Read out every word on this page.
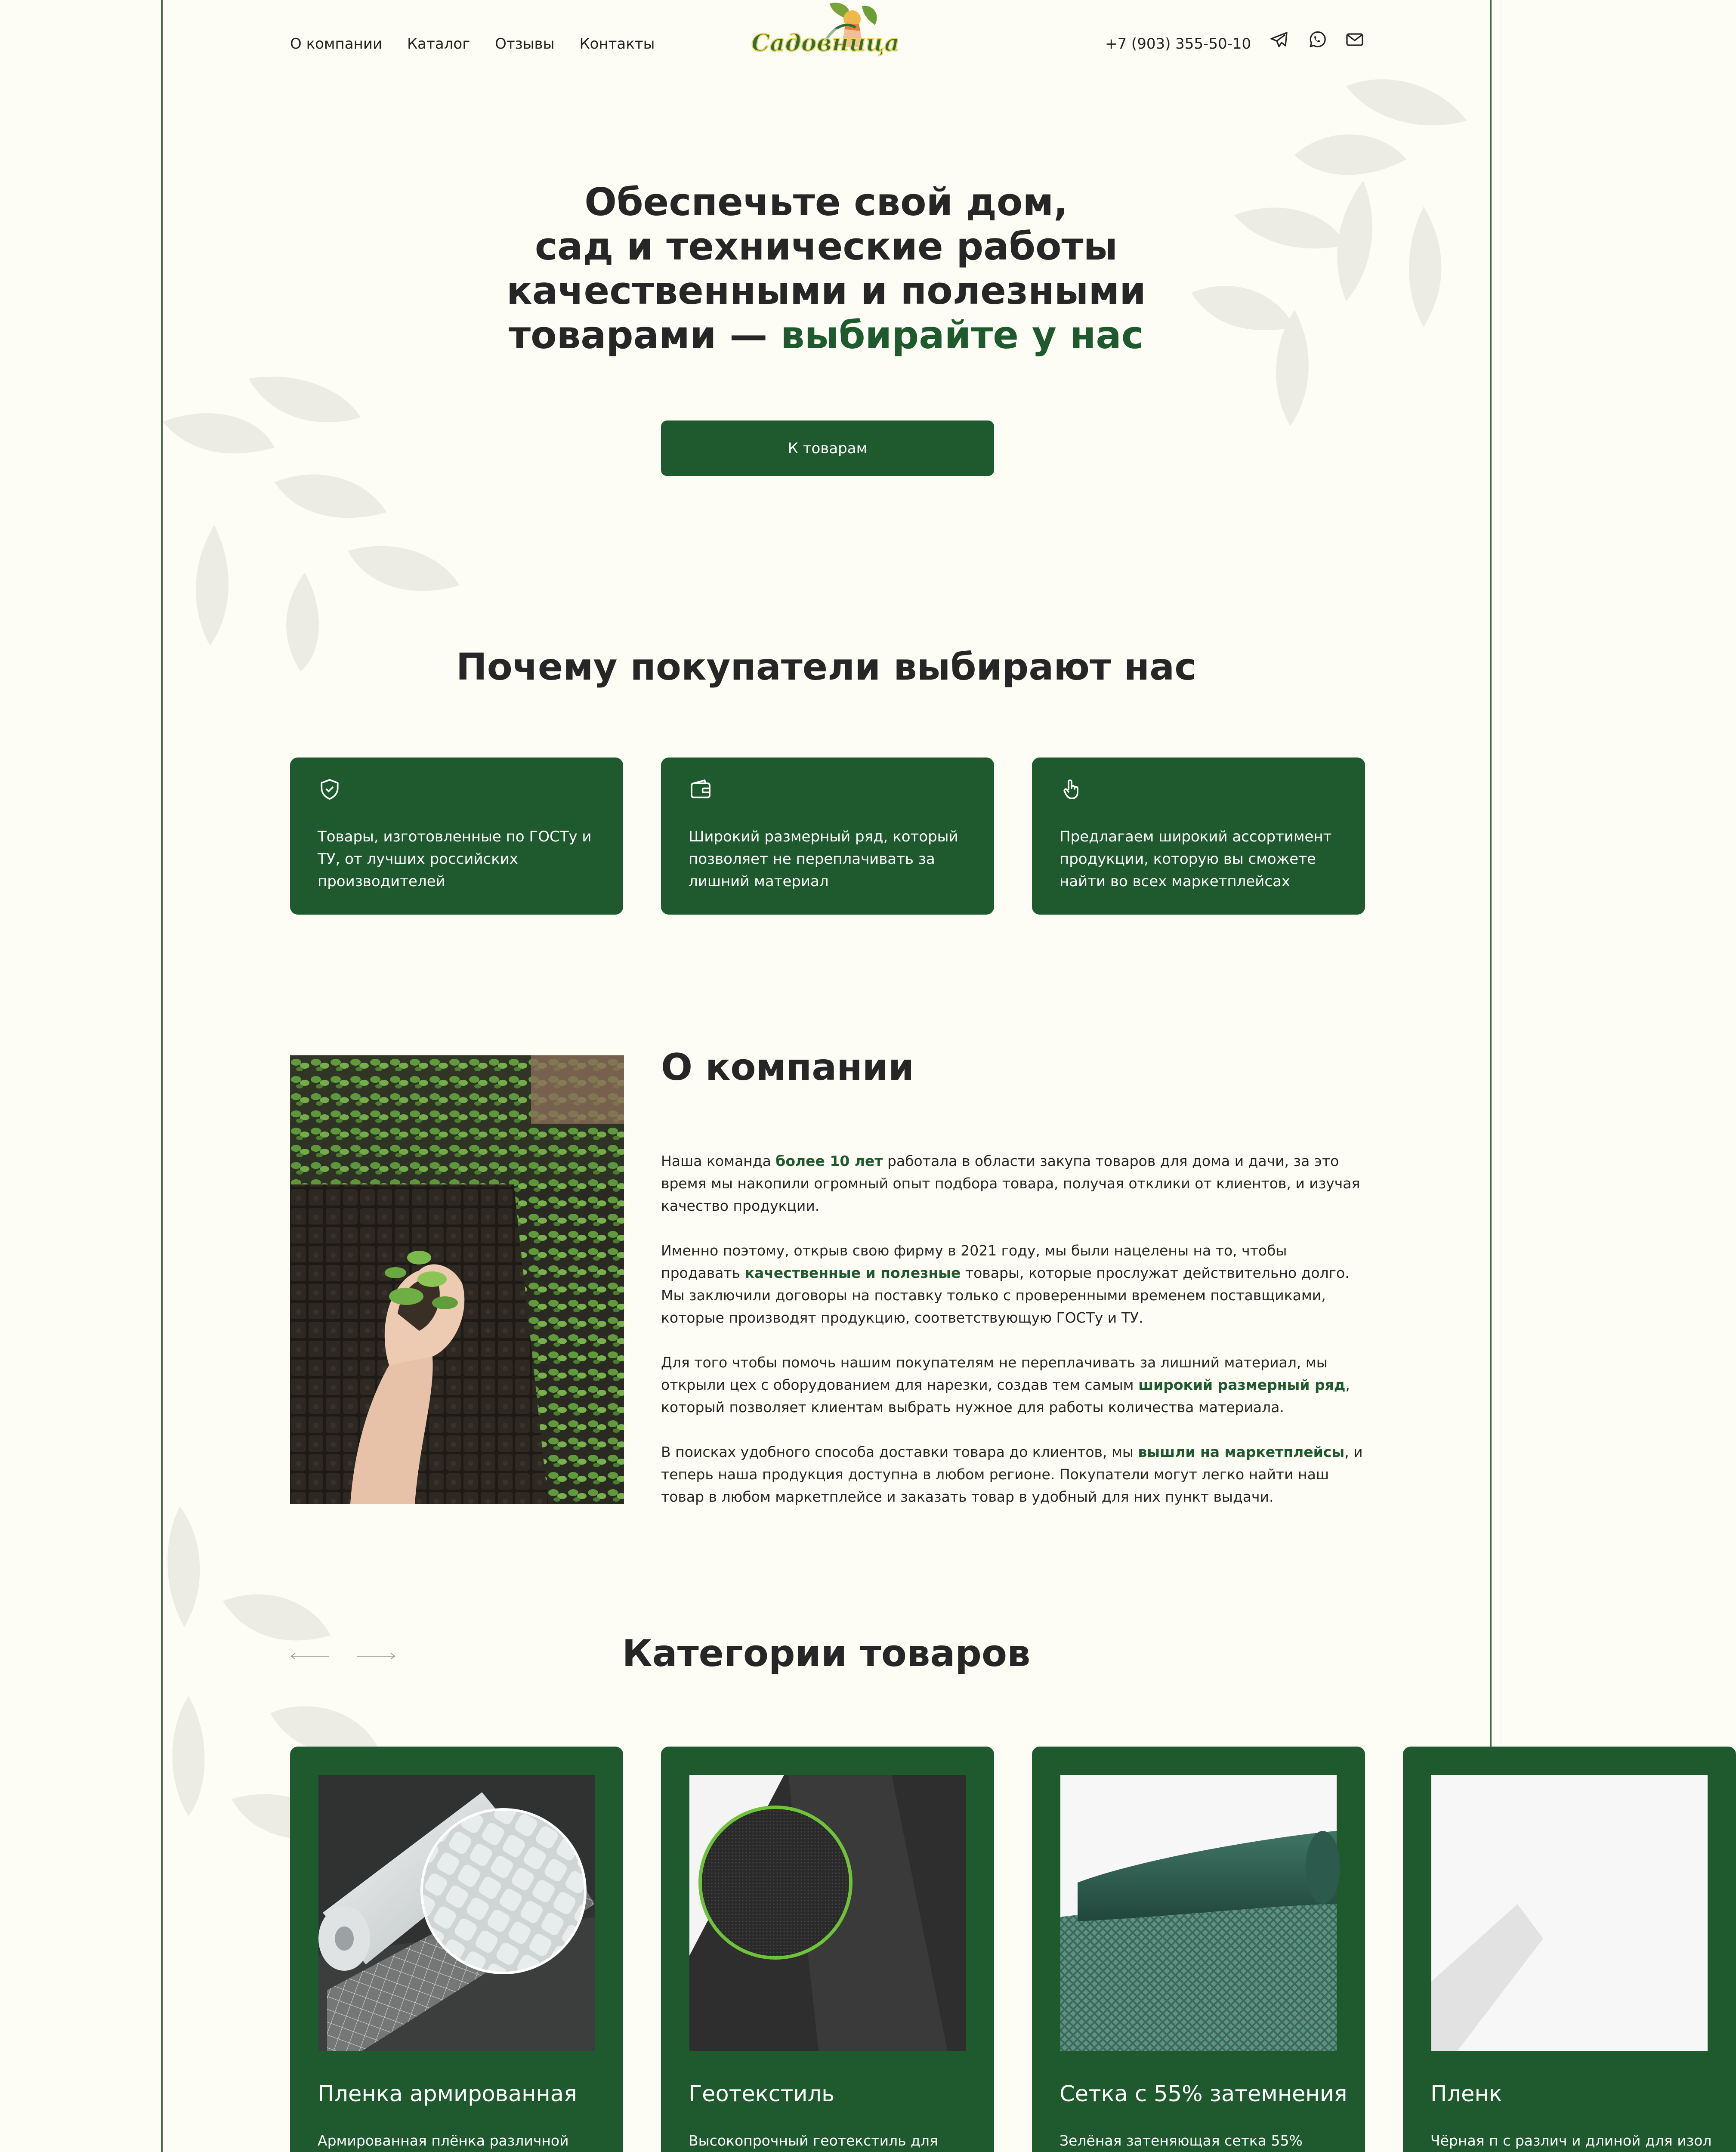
О компании Каталог Отзывы Контакты	Садовница	+7 (903) 355-50-10
Обеспечьте свой дом,
сад и технические работы
качественными и полезными
товарами — выбирайте у нас
К товарам
Почему покупатели выбирают нас
Товары, изготовленные по ГОСТу и ТУ, от лучших российских производителей
Широкий размерный ряд, который позволяет не переплачивать за лишний материал
Предлагаем широкий ассортимент продукции, которую вы сможете найти во всех маркетплейсах
О компании

Наша команда более 10 лет работала в области закупа товаров для дома и дачи, за это время мы накопили огромный опыт подбора товара, получая отклики от клиентов, и изучая качество продукции.

Именно поэтому, открыв свою фирму в 2021 году, мы были нацелены на то, чтобы продавать качественные и полезные товары, которые прослужат действительно долго. Мы заключили договоры на поставку только с проверенными временем поставщиками, которые производят продукцию, соответствующую ГОСТу и ТУ.

Для того чтобы помочь нашим покупателям не переплачивать за лишний материал, мы открыли цех с оборудованием для нарезки, создав тем самым широкий размерный ряд, который позволяет клиентам выбрать нужное для работы количества материала.

В поисках удобного способа доставки товара до клиентов, мы вышли на маркетплейсы, и теперь наша продукция доступна в любом регионе. Покупатели могут легко найти наш товар в любом маркетплейсе и заказать товар в удобный для них пункт выдачи.

Категории товаров
Пленка армированная
Армированная плёнка различной
Геотекстиль
Высокопрочный геотекстиль для
Сетка с 55% затемнения
Зелёная затеняющая сетка 55%
Пленк
Чёрная п с различ и длиной для изол
